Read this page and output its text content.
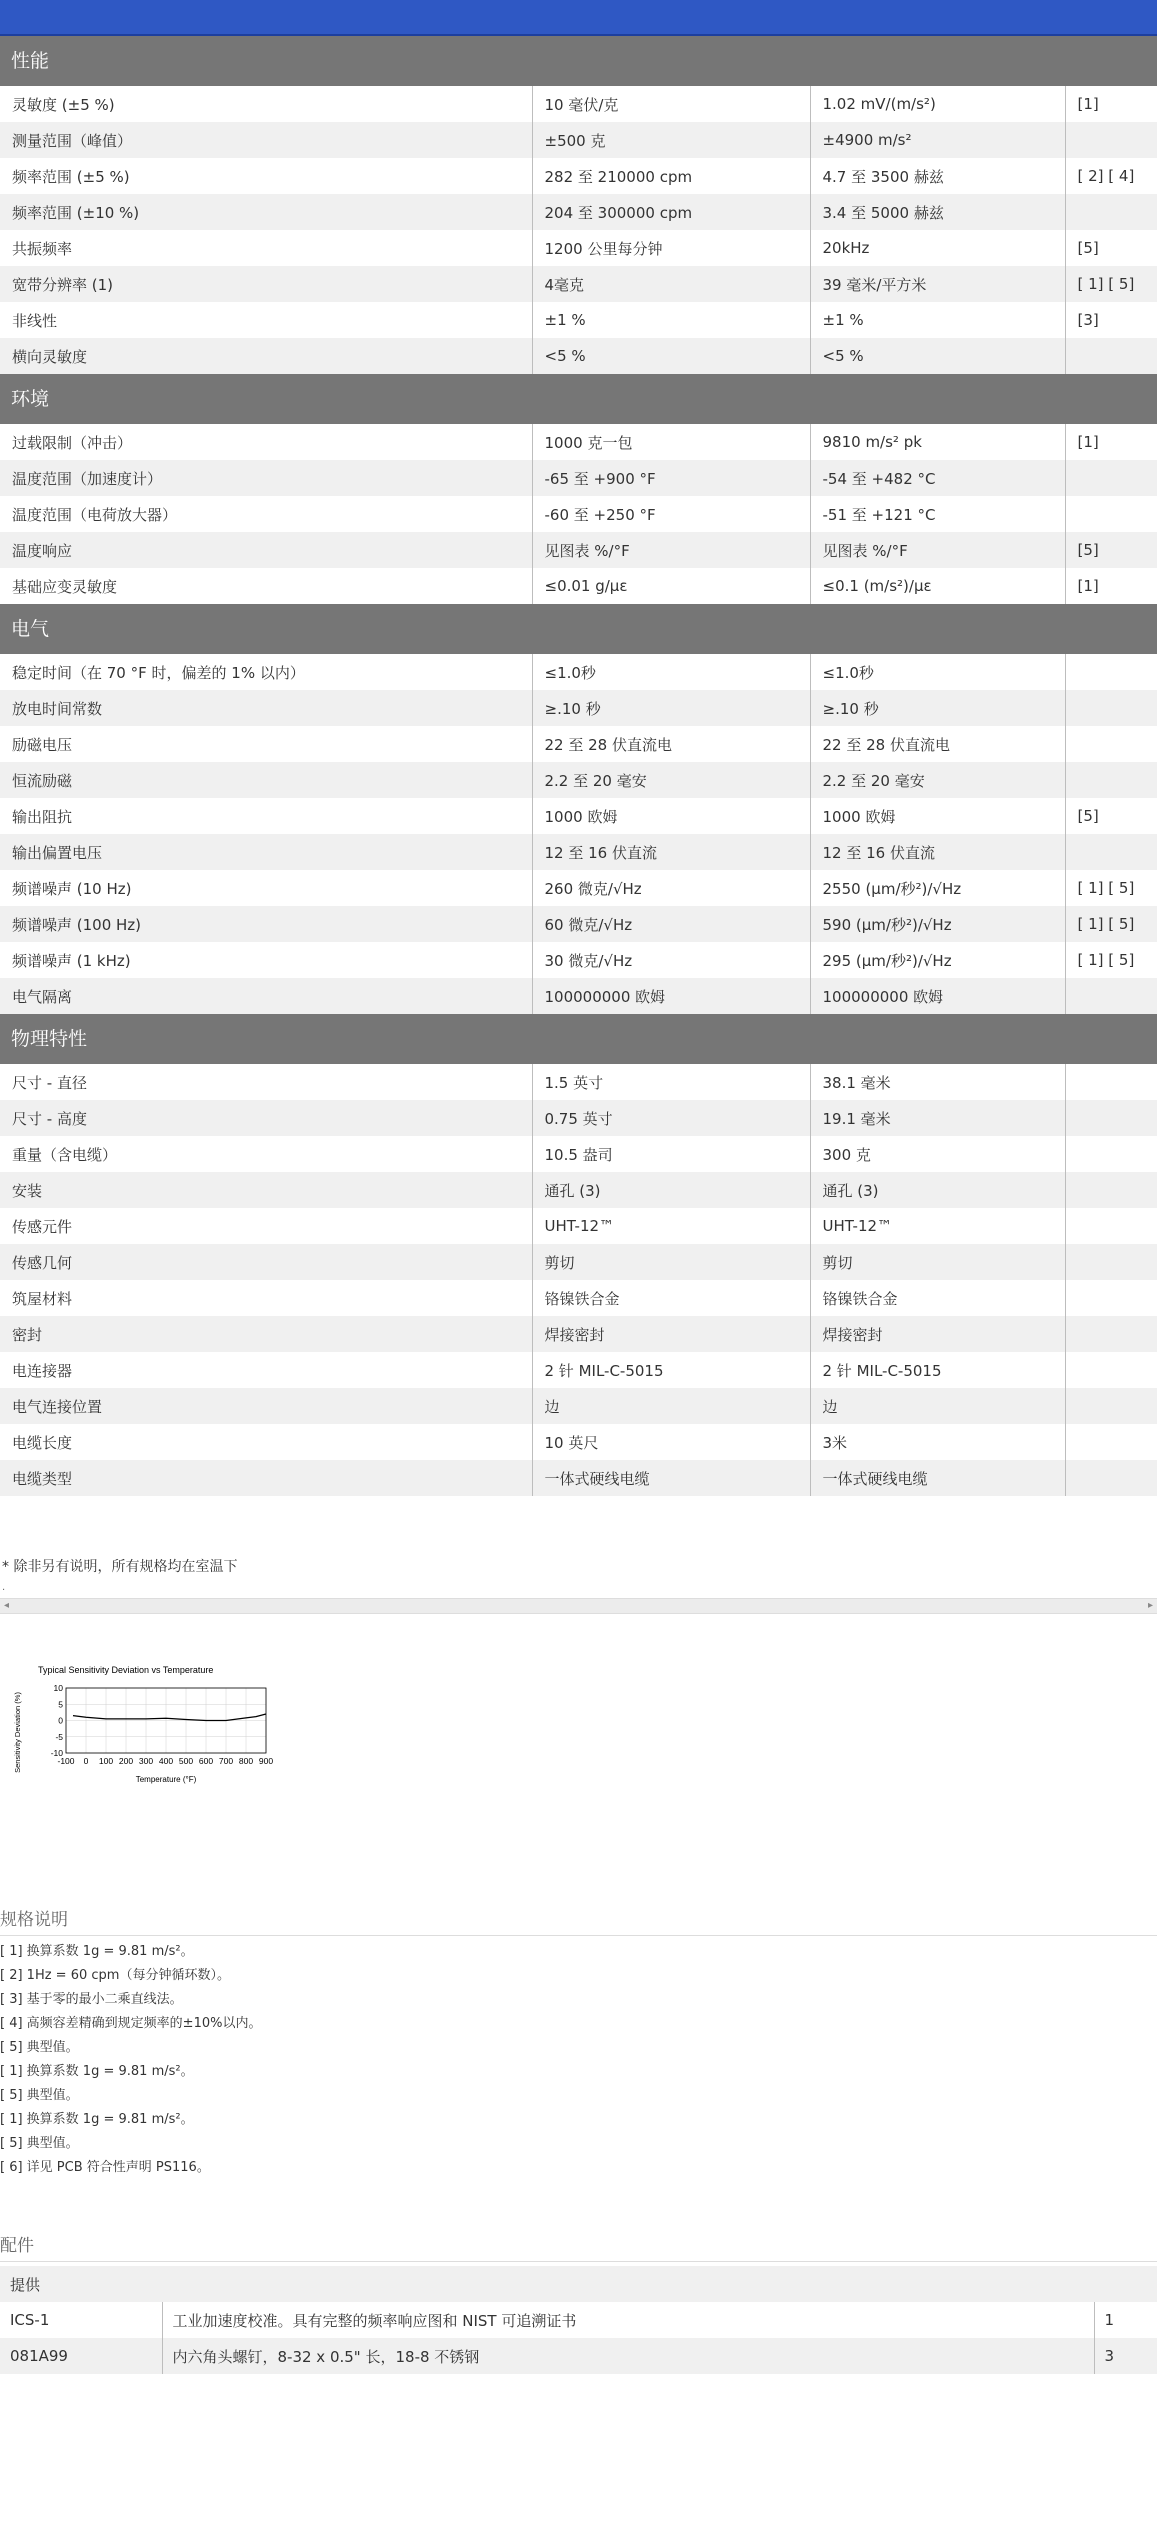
性能
灵敏度 (±5 %)	10 毫伏/克	1.02 mV/(m/s²)	[1]
测量范围（峰值）	±500 克	±4900 m/s²	
频率范围 (±5 %)	282 至 210000 cpm	4.7 至 3500 赫兹	[ 2] [ 4]
频率范围 (±10 %)	204 至 300000 cpm	3.4 至 5000 赫兹	
共振频率	1200 公里每分钟	20kHz	[5]
宽带分辨率 (1)	4毫克	39 毫米/平方米	[ 1] [ 5]
非线性	±1 %	±1 %	[3]
横向灵敏度	<5 %	<5 %	
环境
过载限制（冲击）	1000 克一包	9810 m/s² pk	[1]
温度范围（加速度计）	-65 至 +900 °F	-54 至 +482 °C	
温度范围（电荷放大器）	-60 至 +250 °F	-51 至 +121 °C	
温度响应	见图表 %/°F	见图表 %/°F	[5]
基础应变灵敏度	≤0.01 g/με	≤0.1 (m/s²)/με	[1]
电气
稳定时间（在 70 °F 时，偏差的 1% 以内）	≤1.0秒	≤1.0秒	
放电时间常数	≥.10 秒	≥.10 秒	
励磁电压	22 至 28 伏直流电	22 至 28 伏直流电	
恒流励磁	2.2 至 20 毫安	2.2 至 20 毫安	
输出阻抗	1000 欧姆	1000 欧姆	[5]
输出偏置电压	12 至 16 伏直流	12 至 16 伏直流	
频谱噪声 (10 Hz)	260 微克/√Hz	2550 (μm/秒²)/√Hz	[ 1] [ 5]
频谱噪声 (100 Hz)	60 微克/√Hz	590 (μm/秒²)/√Hz	[ 1] [ 5]
频谱噪声 (1 kHz)	30 微克/√Hz	295 (μm/秒²)/√Hz	[ 1] [ 5]
电气隔离	100000000 欧姆	100000000 欧姆	
物理特性
尺寸 - 直径	1.5 英寸	38.1 毫米	
尺寸 - 高度	0.75 英寸	19.1 毫米	
重量（含电缆）	10.5 盎司	300 克	
安装	通孔 (3)	通孔 (3)	
传感元件	UHT-12™	UHT-12™	
传感几何	剪切	剪切	
筑屋材料	铬镍铁合金	铬镍铁合金	
密封	焊接密封	焊接密封	
电连接器	2 针 MIL-C-5015	2 针 MIL-C-5015	
电气连接位置	边	边	
电缆长度	10 英尺	3米	
电缆类型	一体式硬线电缆	一体式硬线电缆	
* 除非另有说明，所有规格均在室温下
.
◂	▸
Typical Sensitivity Deviation vs Temperature
10
5
0
-5
-10
-100 0 100 200 300 400 500 600 700 800 900
Temperature (°F)
Sensitivity Deviation (%)
规格说明
[ 1] 换算系数 1g = 9.81 m/s²。
[ 2] 1Hz = 60 cpm（每分钟循环数）。
[ 3] 基于零的最小二乘直线法。
[ 4] 高频容差精确到规定频率的±10%以内。
[ 5] 典型值。
[ 1] 换算系数 1g = 9.81 m/s²。
[ 5] 典型值。
[ 1] 换算系数 1g = 9.81 m/s²。
[ 5] 典型值。
[ 6] 详见 PCB 符合性声明 PS116。
配件
提供		
ICS-1	工业加速度校准。具有完整的频率响应图和 NIST 可追溯证书	1
081A99	内六角头螺钉，8-32 x 0.5" 长，18-8 不锈钢	3
